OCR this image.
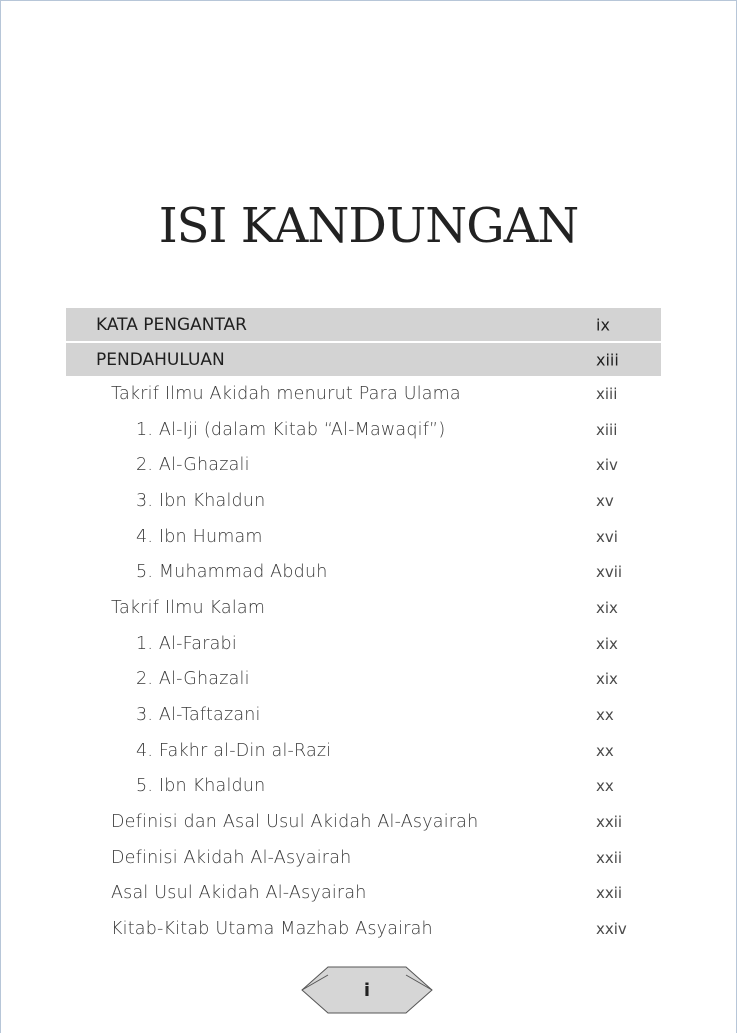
ISI KANDUNGAN
KATA PENGANTAR	ix
PENDAHULUAN	xiii
Takrif Ilmu Akidah menurut Para Ulama	xiii
1. Al-Iji (dalam Kitab “Al-Mawaqif”)	xiii
2. Al-Ghazali	xiv
3. Ibn Khaldun	xv
4. Ibn Humam	xvi
5. Muhammad Abduh	xvii
Takrif Ilmu Kalam	xix
1. Al-Farabi	xix
2. Al-Ghazali	xix
3. Al-Taftazani	xx
4. Fakhr al-Din al-Razi	xx
5. Ibn Khaldun	xx
Definisi dan Asal Usul Akidah Al-Asyairah	xxii
Definisi Akidah Al-Asyairah	xxii
Asal Usul Akidah Al-Asyairah	xxii
Kitab-Kitab Utama Mazhab Asyairah	xxiv
i
